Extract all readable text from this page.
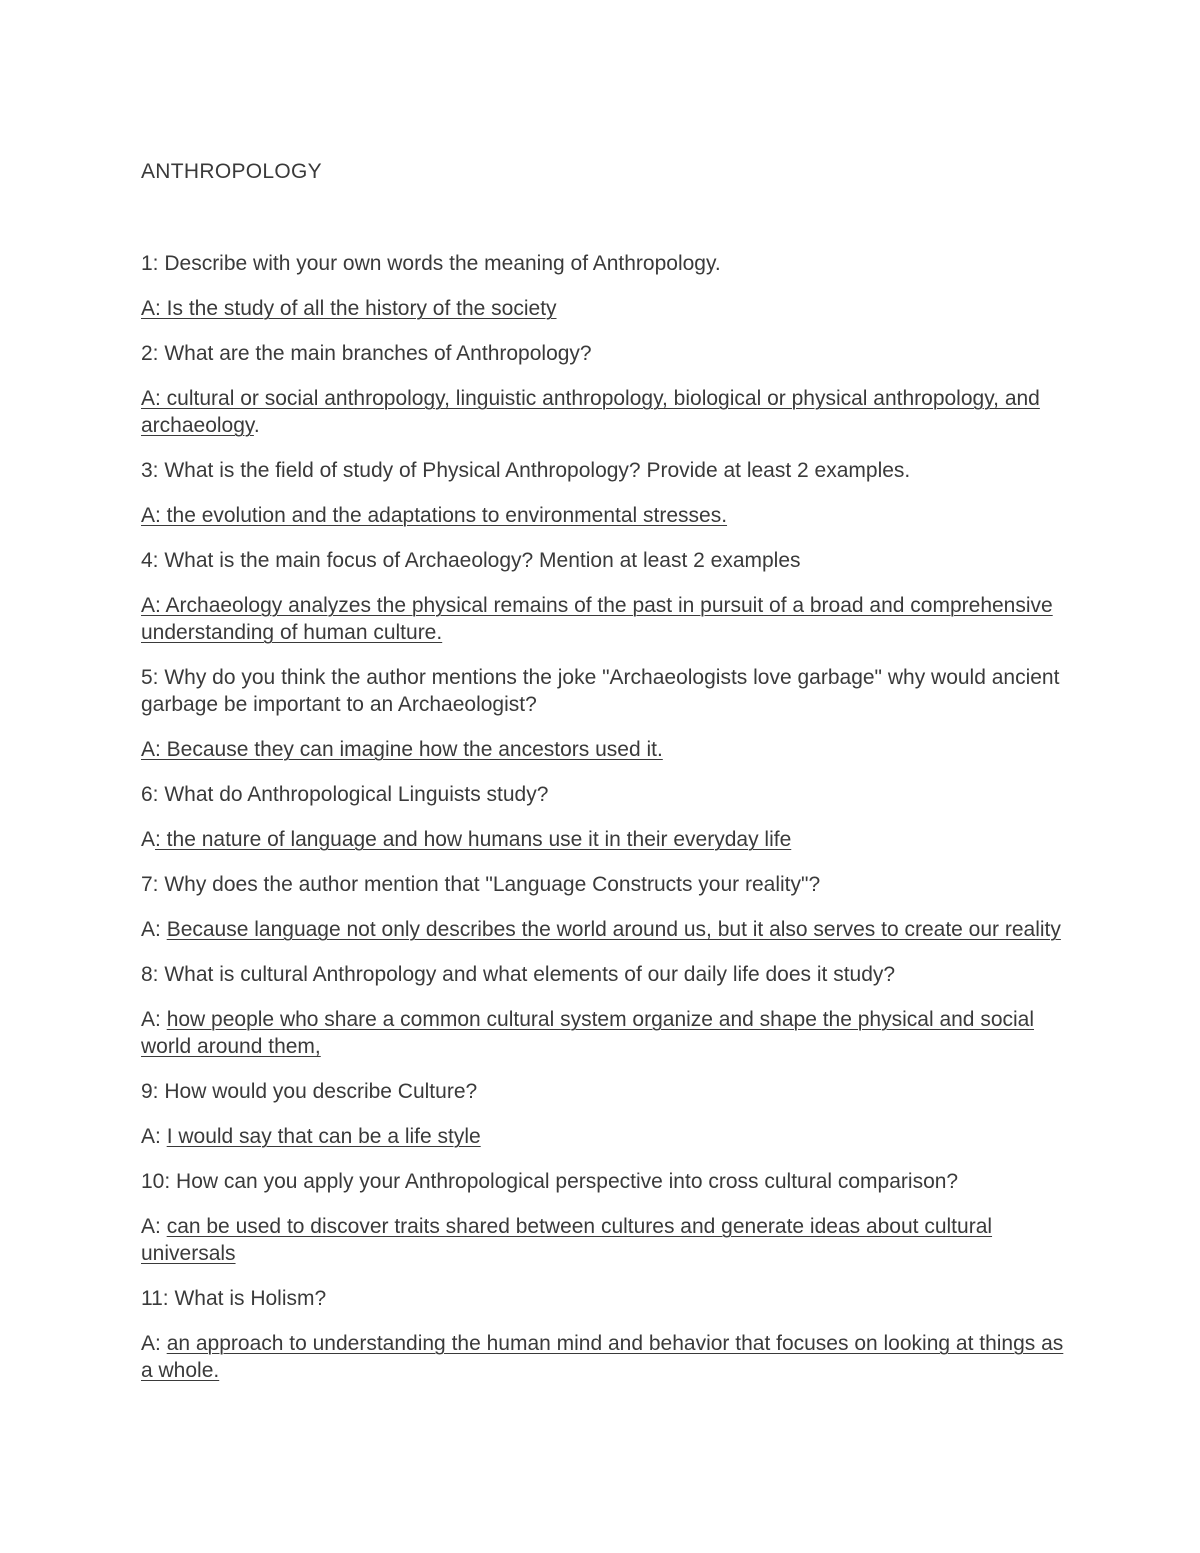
ANTHROPOLOGY

1: Describe with your own words the meaning of Anthropology.

A: Is the study of all the history of the society

2: What are the main branches of Anthropology?

A: cultural or social anthropology, linguistic anthropology, biological or physical anthropology, and archaeology.

3: What is the field of study of Physical Anthropology? Provide at least 2 examples.

A: the evolution and the adaptations to environmental stresses.

4: What is the main focus of Archaeology? Mention at least 2 examples

A: Archaeology analyzes the physical remains of the past in pursuit of a broad and comprehensive understanding of human culture.

5: Why do you think the author mentions the joke "Archaeologists love garbage" why would ancient garbage be important to an Archaeologist?

A: Because they can imagine how the ancestors used it.

6: What do Anthropological Linguists study?

A: the nature of language and how humans use it in their everyday life

7: Why does the author mention that "Language Constructs your reality"?

A: Because language not only describes the world around us, but it also serves to create our reality

8: What is cultural Anthropology and what elements of our daily life does it study?

A: how people who share a common cultural system organize and shape the physical and social world around them,

9: How would you describe Culture?

A: I would say that can be a life style

10: How can you apply your Anthropological perspective into cross cultural comparison?

A: can be used to discover traits shared between cultures and generate ideas about cultural universals

11: What is Holism?

A: an approach to understanding the human mind and behavior that focuses on looking at things as a whole.
